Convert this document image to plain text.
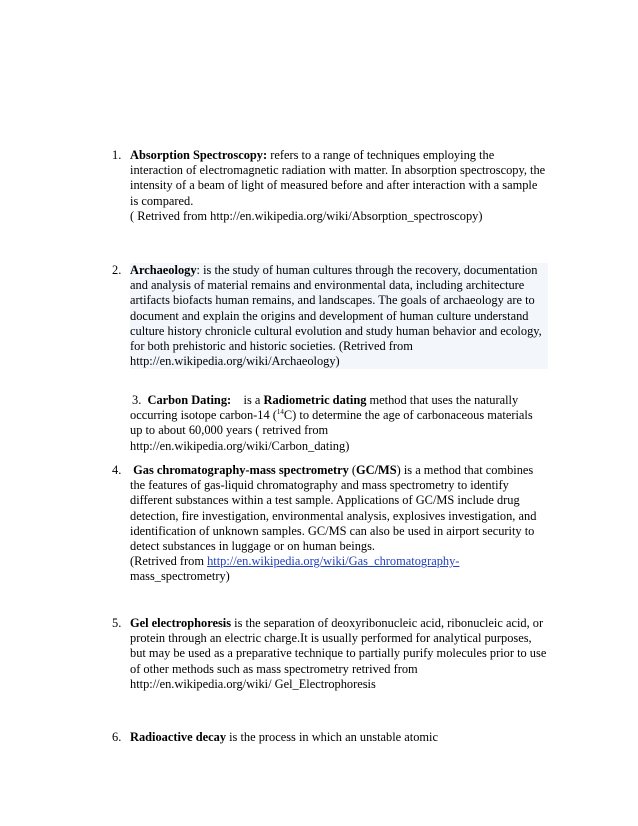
1. Absorption Spectroscopy: refers to a range of techniques employing the interaction of electromagnetic radiation with matter. In absorption spectroscopy, the intensity of a beam of light of measured before and after interaction with a sample is compared.

( Retrived from http://en.wikipedia.org/wiki/Absorption_spectroscopy)

2. Archaeology: is the study of human cultures through the recovery, documentation and analysis of material remains and environmental data, including architecture artifacts biofacts human remains, and landscapes. The goals of archaeology are to document and explain the origins and development of human culture understand culture history chronicle cultural evolution and study human behavior and ecology, for both prehistoric and historic societies. (Retrived from http://en.wikipedia.org/wiki/Archaeology)

3. Carbon Dating:    is a Radiometric dating method that uses the naturally occurring isotope carbon-14 ($^{14}$C) to determine the age of carbonaceous materials up to about 60,000 years ( retrived from http://en.wikipedia.org/wiki/Carbon_dating)

4. Gas chromatography-mass spectrometry (GC/MS) is a method that combines the features of gas-liquid chromatography and mass spectrometry to identify different substances within a test sample. Applications of GC/MS include drug detection, fire investigation, environmental analysis, explosives investigation, and identification of unknown samples. GC/MS can also be used in airport security to detect substances in luggage or on human beings.

(Retrived from http://en.wikipedia.org/wiki/Gas_chromatography-
mass_spectrometry)

5. Gel electrophoresis is the separation of deoxyribonucleic acid, ribonucleic acid, or protein through an electric charge.It is usually performed for analytical purposes, but may be used as a preparative technique to partially purify molecules prior to use of other methods such as mass spectrometry retrived from http://en.wikipedia.org/wiki/ Gel_Electrophoresis

6. Radioactive decay is the process in which an unstable atomic
